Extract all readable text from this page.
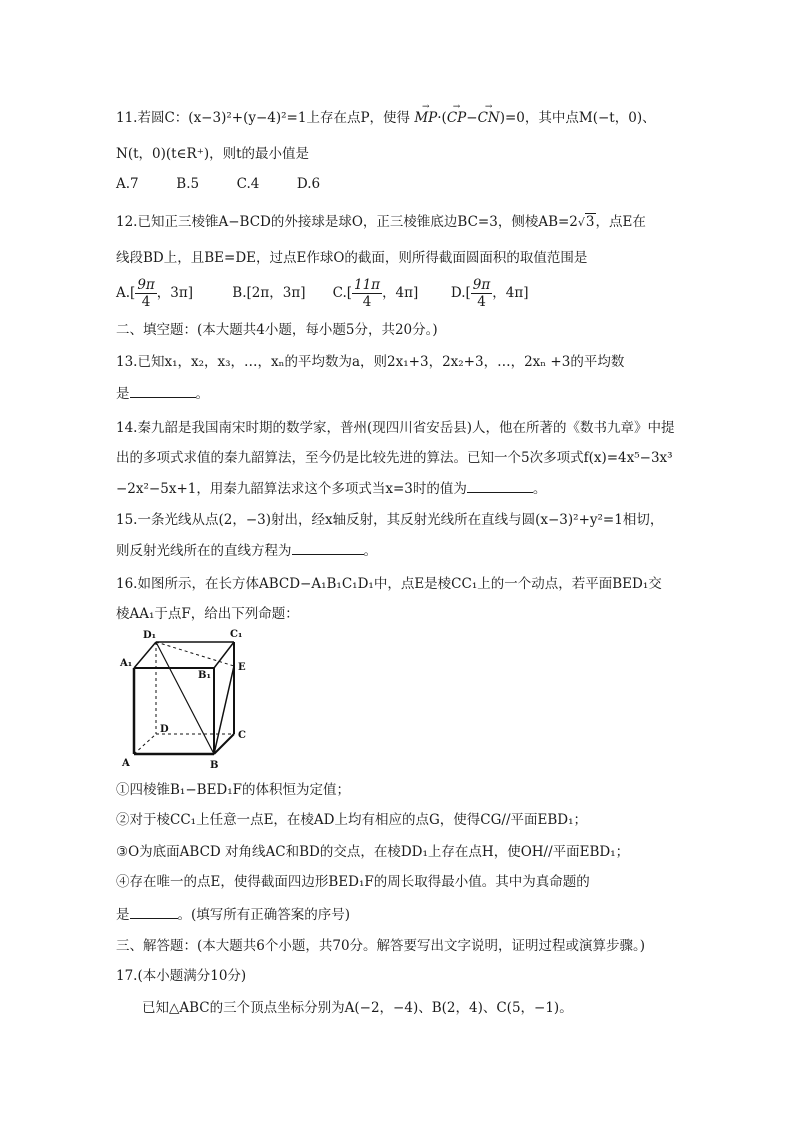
11.若圆C：(x−3)²+(y−4)²=1上存在点P，使得 → MP·(→ CP−→ CN)=0，其中点M(−t，0)、
N(t，0)(t∈R⁺)，则t的最小值是
A.7	B.5	C.4	D.6
12.已知正三棱锥A−BCD的外接球是球O，正三棱锥底边BC=3，侧棱AB=2√3，点E在
线段BD上，且BE=DE，过点E作球O的截面，则所得截面圆面积的取值范围是
$A.[ \frac{9\pi}{4}$ ，3π]	B.[2π，3π] $C.[ \frac{11\pi}{4}$ ，4π] $D.[ \frac{9\pi}{4}$ ，4π]
二、填空题：(本大题共4小题，每小题5分，共20分。)
13.已知x₁，x₂，x₃，…，xₙ的平均数为a，则2x₁+3，2x₂+3，…，2xₙ +3的平均数
是	。
14.秦九韶是我国南宋时期的数学家，普州(现四川省安岳县)人，他在所著的《数书九章》中提
出的多项式求值的秦九韶算法，至今仍是比较先进的算法。已知一个5次多项式f(x)=4x⁵−3x³
−2x²−5x+1，用秦九韶算法求这个多项式当x=3时的值为	。
15.一条光线从点(2，−3)射出，经x轴反射，其反射光线所在直线与圆(x−3)²+y²=1相切，
则反射光线所在的直线方程为	。
16.如图所示，在长方体ABCD−A₁B₁C₁D₁中，点E是棱CC₁上的一个动点，若平面BED₁交
棱AA₁于点F，给出下列命题：
D₁	C₁
A₁
B₁
E
D
C
A	B
①四棱锥B₁−BED₁F的体积恒为定值；
②对于棱CC₁上任意一点E，在棱AD上均有相应的点G，使得CG//平面EBD₁；
③O为底面ABCD 对角线AC和BD的交点，在棱DD₁上存在点H，使OH//平面EBD₁；
④存在唯一的点E，使得截面四边形BED₁F的周长取得最小值。其中为真命题的
是	。(填写所有正确答案的序号)
三、解答题：(本大题共6个小题，共70分。解答要写出文字说明，证明过程或演算步骤。)
17.(本小题满分10分)
已知△ABC的三个顶点坐标分别为A(−2，−4)、B(2，4)、C(5，−1)。
